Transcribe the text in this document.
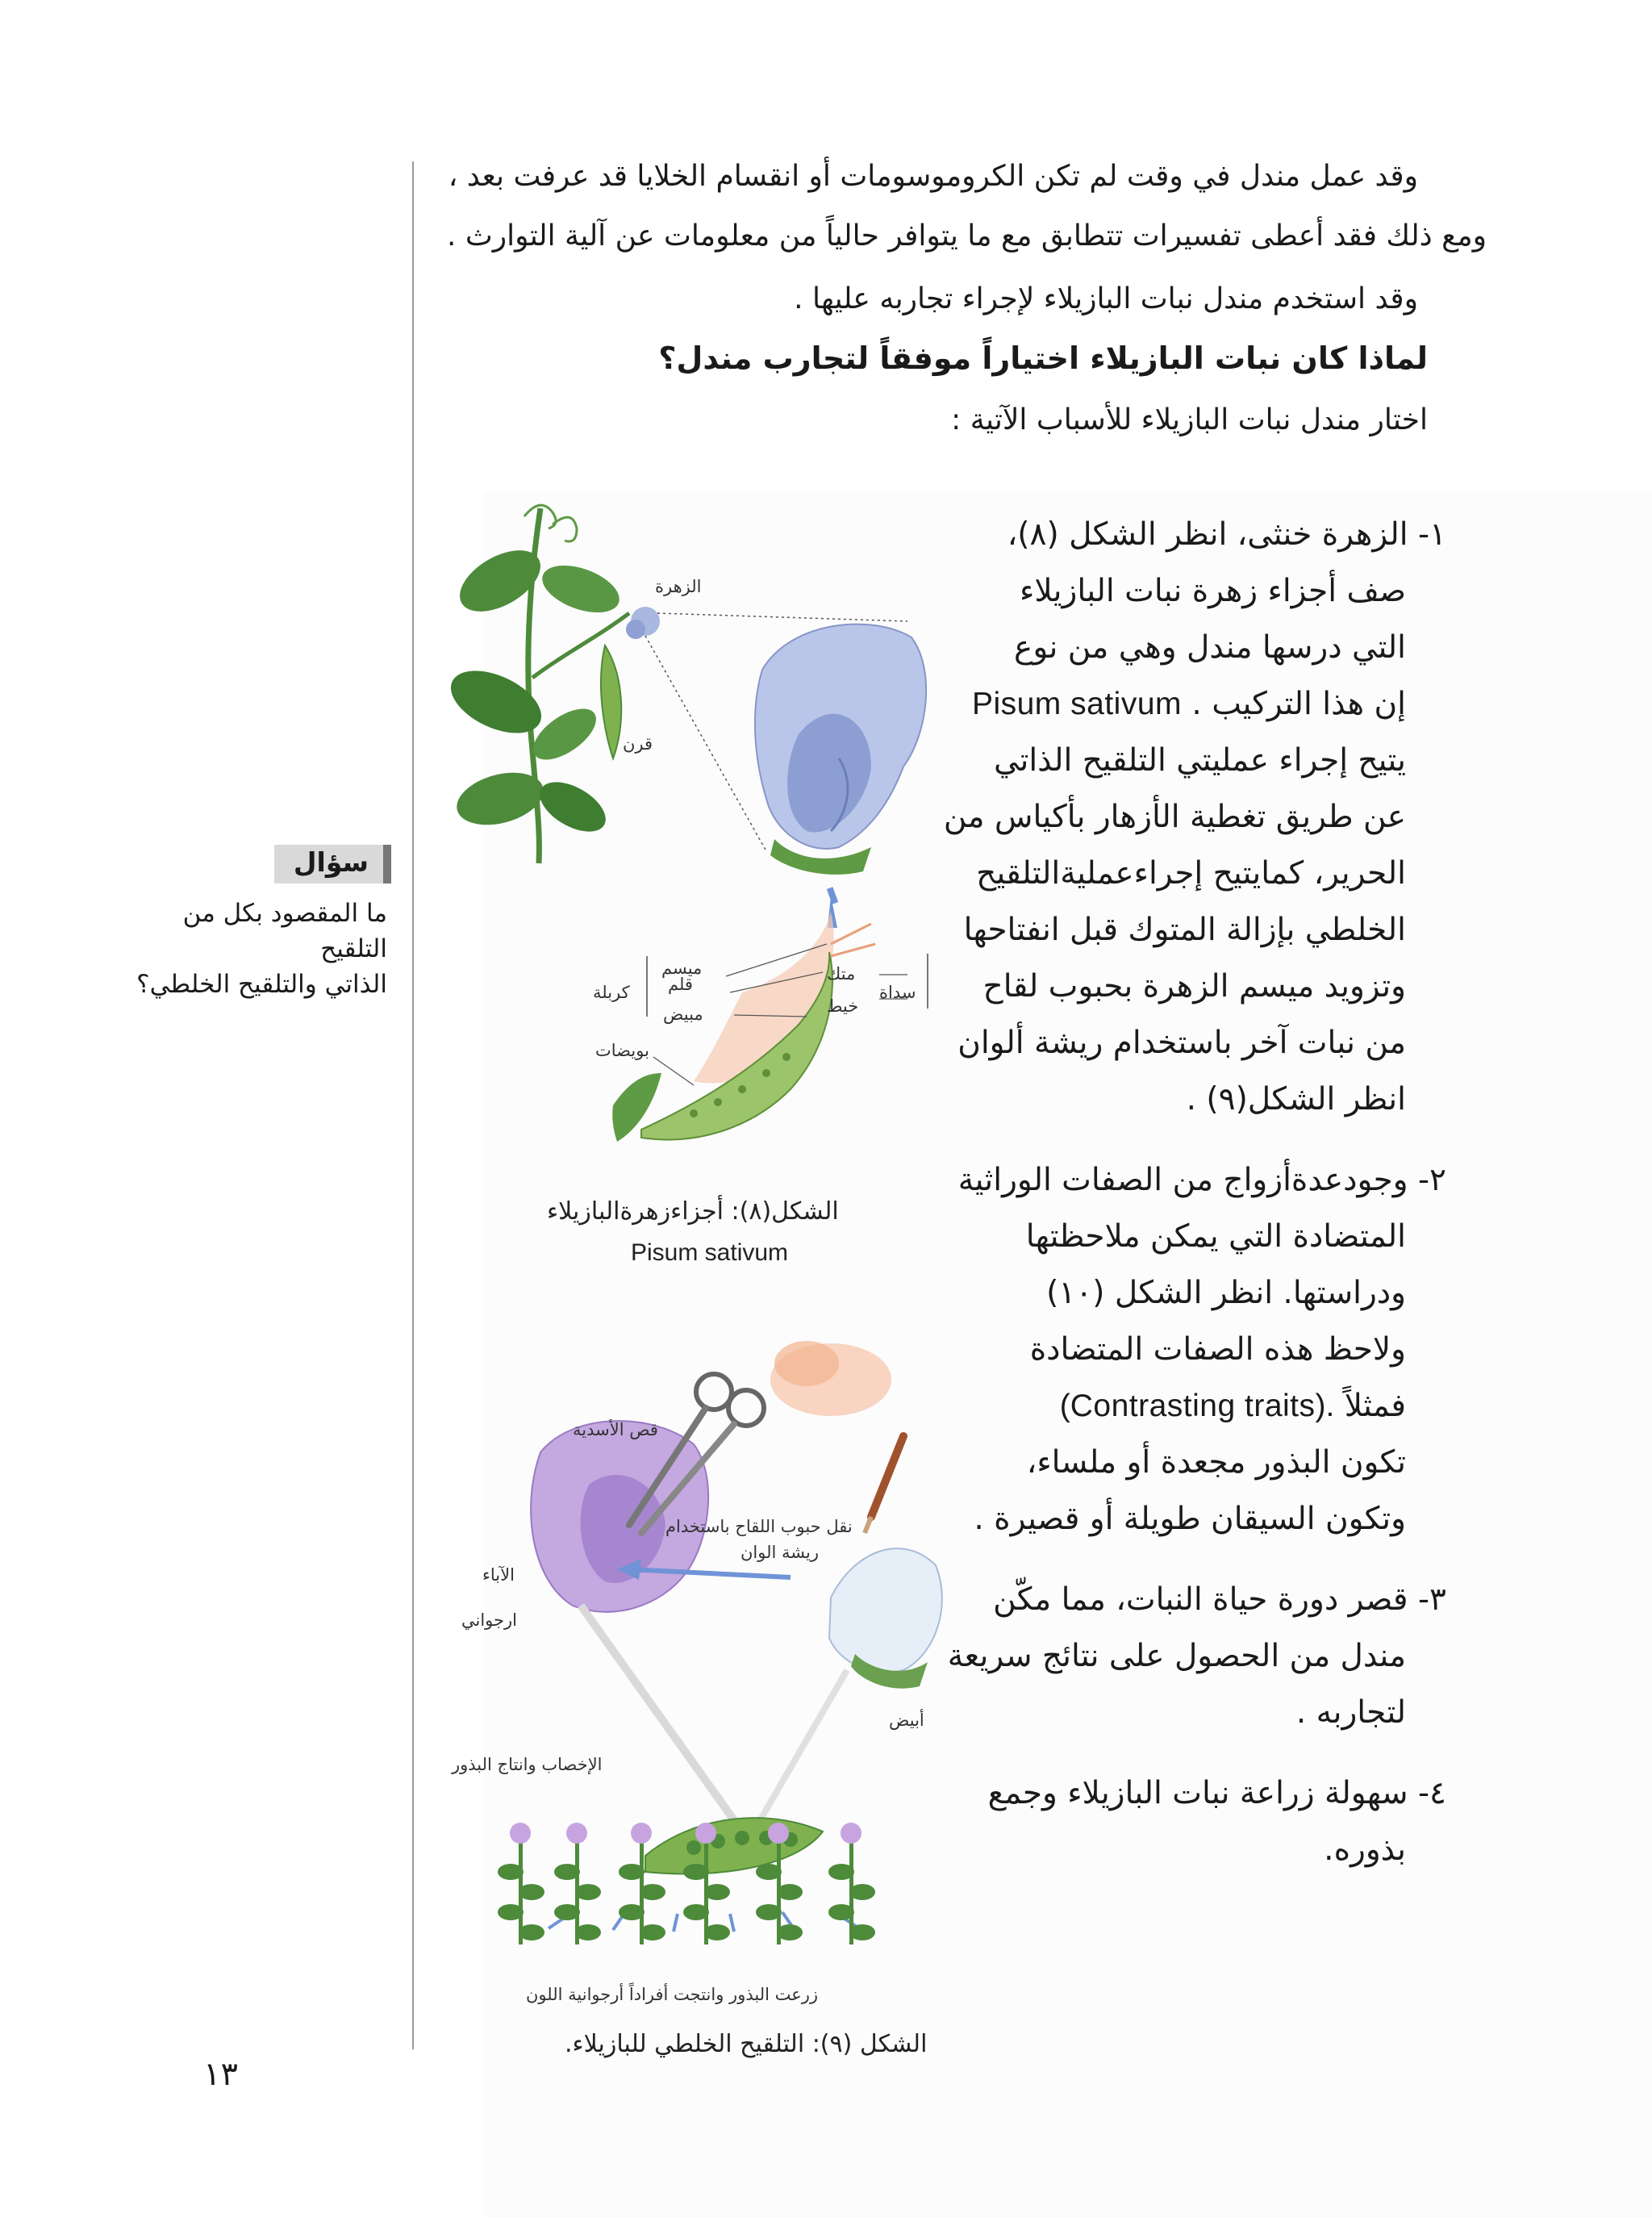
وقد عمل مندل في وقت لم تكن الكروموسومات أو انقسام الخلايا قد عرفت بعد ،
ومع ذلك فقد أعطى تفسيرات تتطابق مع ما يتوافر حالياً من معلومات عن آلية التوارث .
وقد استخدم مندل نبات البازيلاء لإجراء تجاربه عليها .
لماذا كان نبات البازيلاء اختياراً موفقاً لتجارب مندل؟
اختار مندل نبات البازيلاء للأسباب الآتية :
١- الزهرة خنثى، انظر الشكل (٨)،
صف أجزاء زهرة نبات البازيلاء
التي درسها مندل وهي من نوع
إن هذا التركيب . Pisum sativum
يتيح إجراء عمليتي التلقيح الذاتي
عن طريق تغطية الأزهار بأكياس من
الحرير، كمايتيح إجراءعمليةالتلقيح
الخلطي بإزالة المتوك قبل انفتاحها
وتزويد ميسم الزهرة بحبوب لقاح
من نبات آخر باستخدام ريشة ألوان
انظر الشكل(٩) .
٢- وجودعدةأزواج من الصفات الوراثية
المتضادة التي يمكن ملاحظتها
ودراستها. انظر الشكل (١٠)
ولاحظ هذه الصفات المتضادة
فمثلاً (Contrasting traits).
تكون البذور مجعدة أو ملساء،
وتكون السيقان طويلة أو قصيرة .
٣- قصر دورة حياة النبات، مما مكّن
مندل من الحصول على نتائج سريعة
لتجاربه .
٤- سهولة زراعة نبات البازيلاء وجمع
بذوره.
سؤال
ما المقصود بكل من التلقيح
الذاتي والتلقيح الخلطي؟
الزهرة
قرن
ميسم
قلم
مبيض
كربلة
متك
خيط
سداة
بويضات
الشكل(٨): أجزاءزهرةالبازيلاء
Pisum sativum
قص الأسدية
نقل حبوب اللقاح باستخدام
ريشة الوان
الآباء
ارجواني
أبيض
الإخصاب وانتاج البذور
زرعت البذور وانتجت أفراداً أرجوانية اللون
الشكل (٩): التلقيح الخلطي للبازيلاء.
١٣
